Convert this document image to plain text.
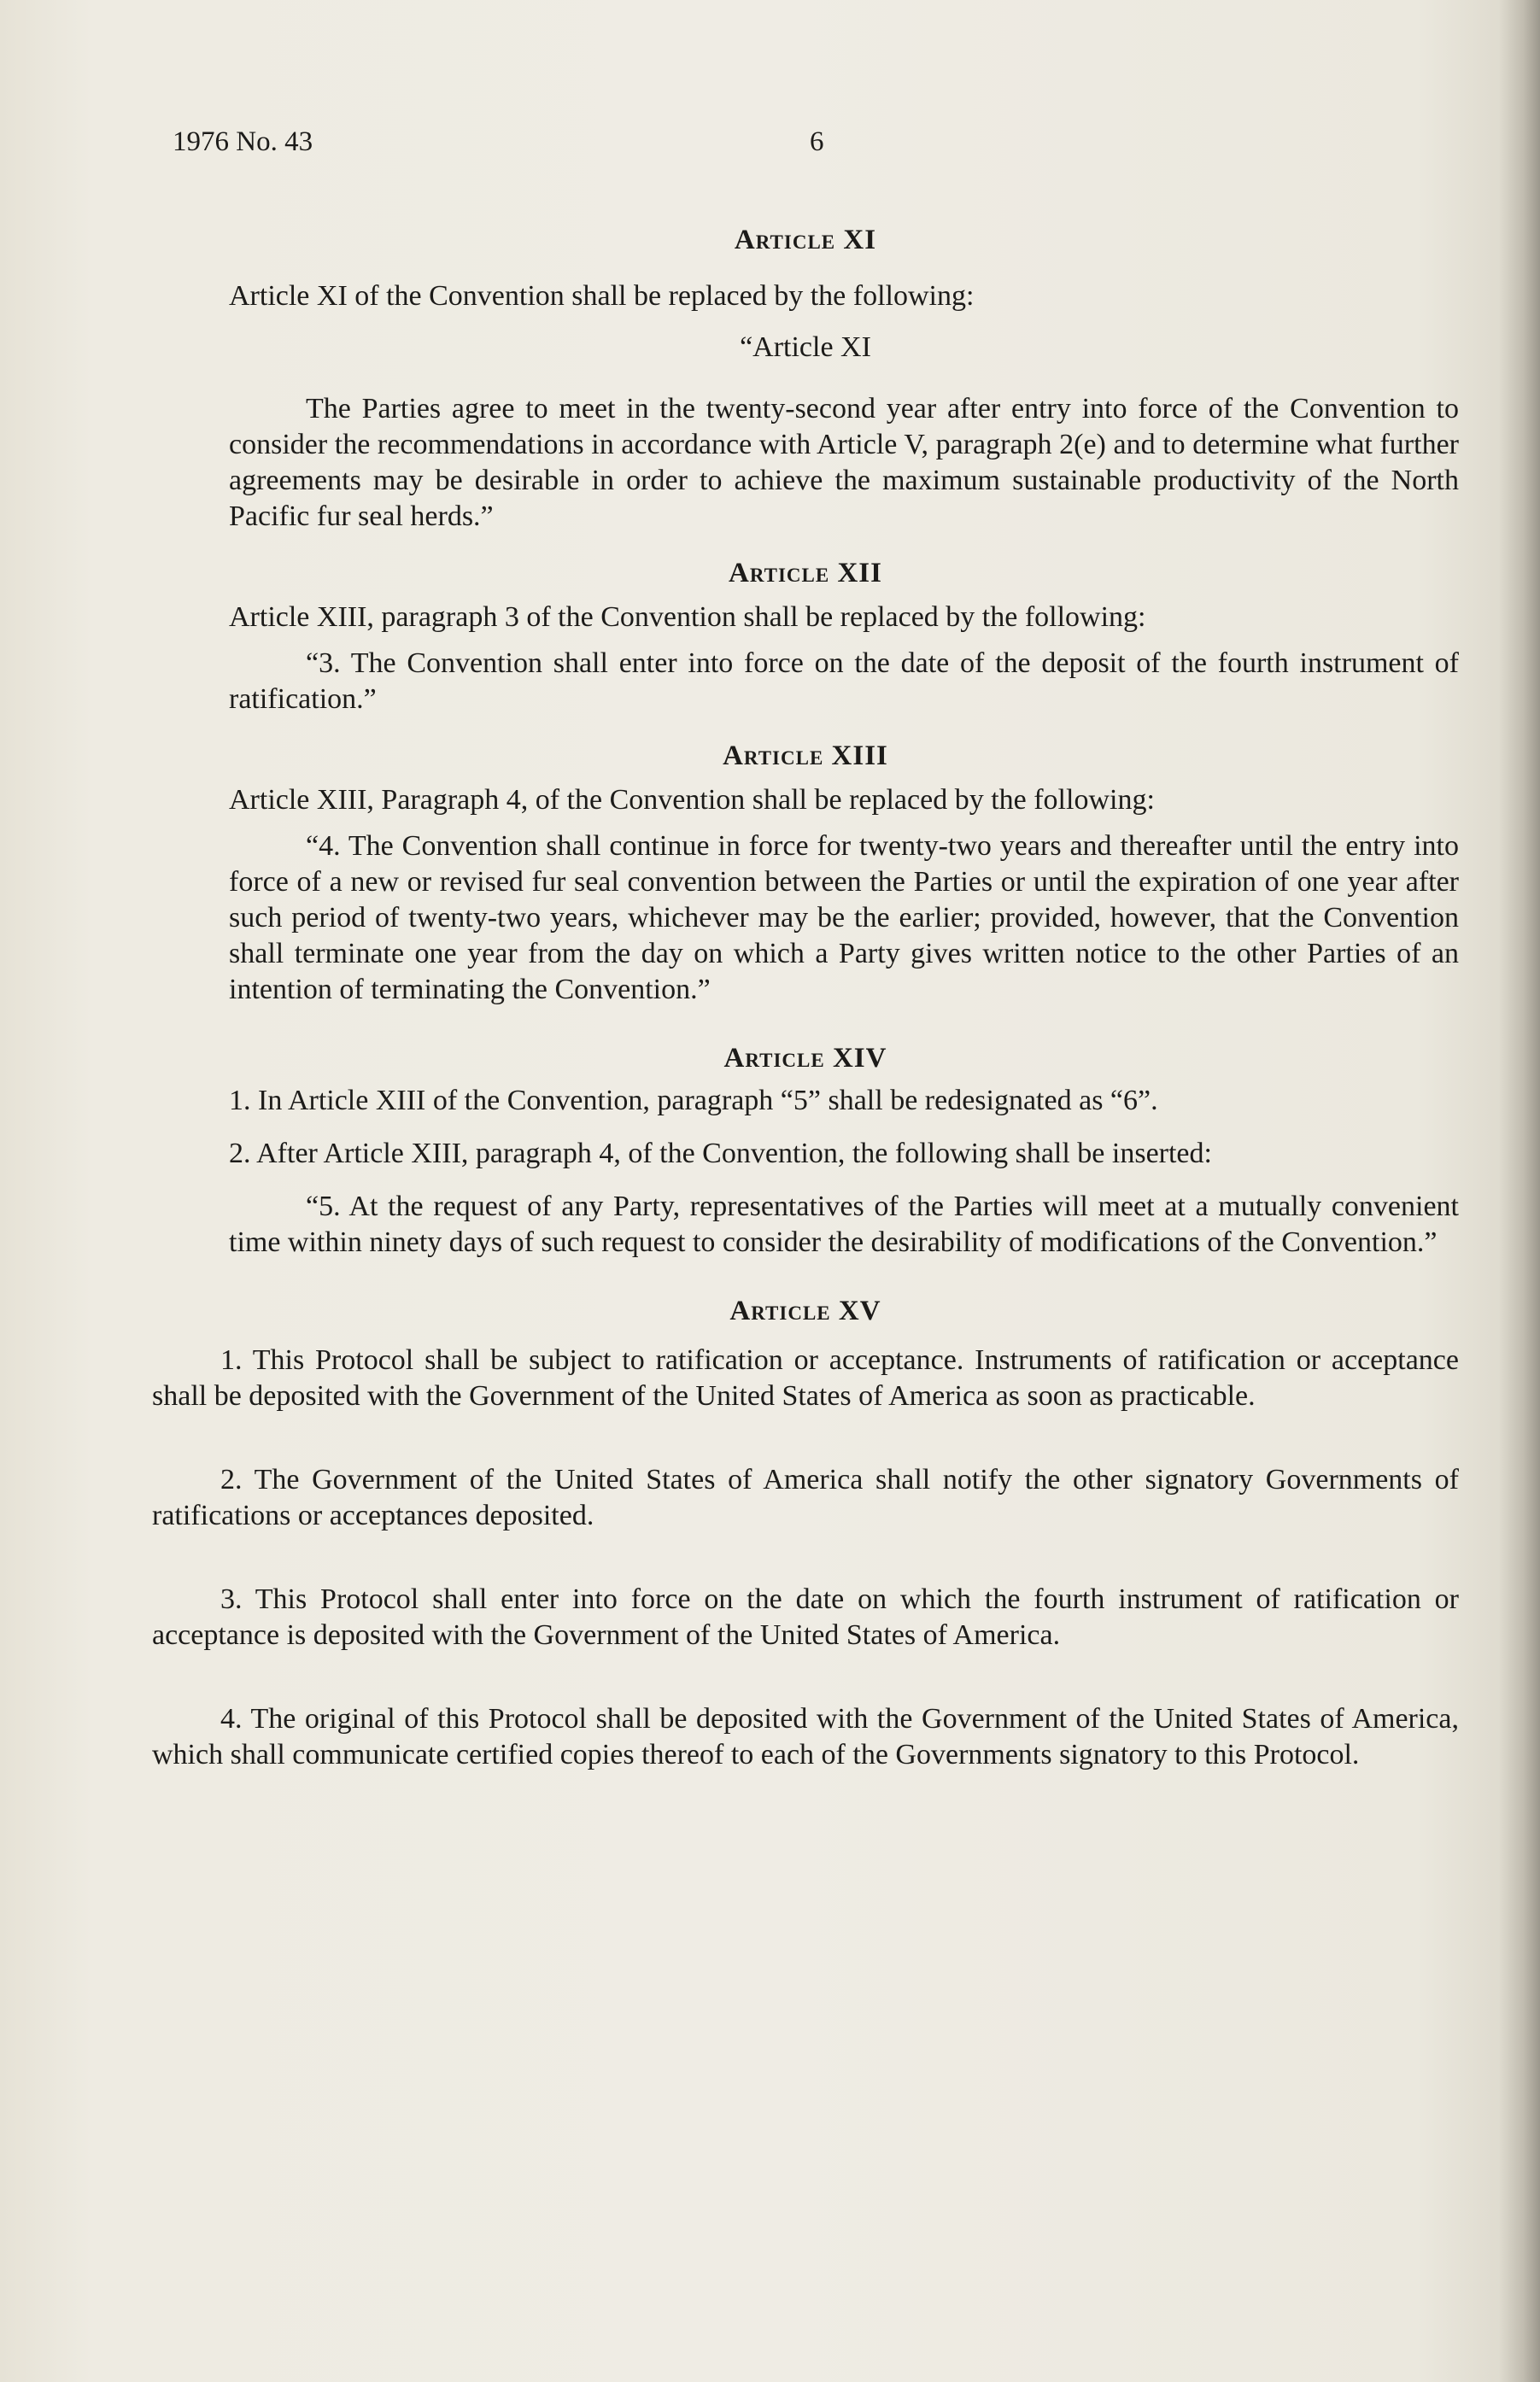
1976 No. 43	6
Article XI

Article XI of the Convention shall be replaced by the following:

“Article XI

The Parties agree to meet in the twenty-second year after entry into force of the Convention to consider the recommendations in accordance with Article V, paragraph 2(e) and to determine what further agreements may be desirable in order to achieve the maximum sustainable productivity of the North Pacific fur seal herds.”

Article XII

Article XIII, paragraph 3 of the Convention shall be replaced by the following:

“3. The Convention shall enter into force on the date of the deposit of the fourth instrument of ratification.”

Article XIII

Article XIII, Paragraph 4, of the Convention shall be replaced by the following:

“4. The Convention shall continue in force for twenty-two years and thereafter until the entry into force of a new or revised fur seal convention between the Parties or until the expiration of one year after such period of twenty-two years, whichever may be the earlier; provided, however, that the Convention shall terminate one year from the day on which a Party gives written notice to the other Parties of an intention of terminating the Convention.”

Article XIV

1. In Article XIII of the Convention, paragraph “5” shall be redesignated as “6”.

2. After Article XIII, paragraph 4, of the Convention, the following shall be inserted:

“5. At the request of any Party, representatives of the Parties will meet at a mutually convenient time within ninety days of such request to consider the desirability of modifications of the Convention.”

Article XV

1. This Protocol shall be subject to ratification or acceptance. Instruments of ratification or acceptance shall be deposited with the Government of the United States of America as soon as practicable.

2. The Government of the United States of America shall notify the other signatory Governments of ratifications or acceptances deposited.

3. This Protocol shall enter into force on the date on which the fourth instrument of ratification or acceptance is deposited with the Government of the United States of America.

4. The original of this Protocol shall be deposited with the Government of the United States of America, which shall communicate certified copies thereof to each of the Governments signatory to this Protocol.
